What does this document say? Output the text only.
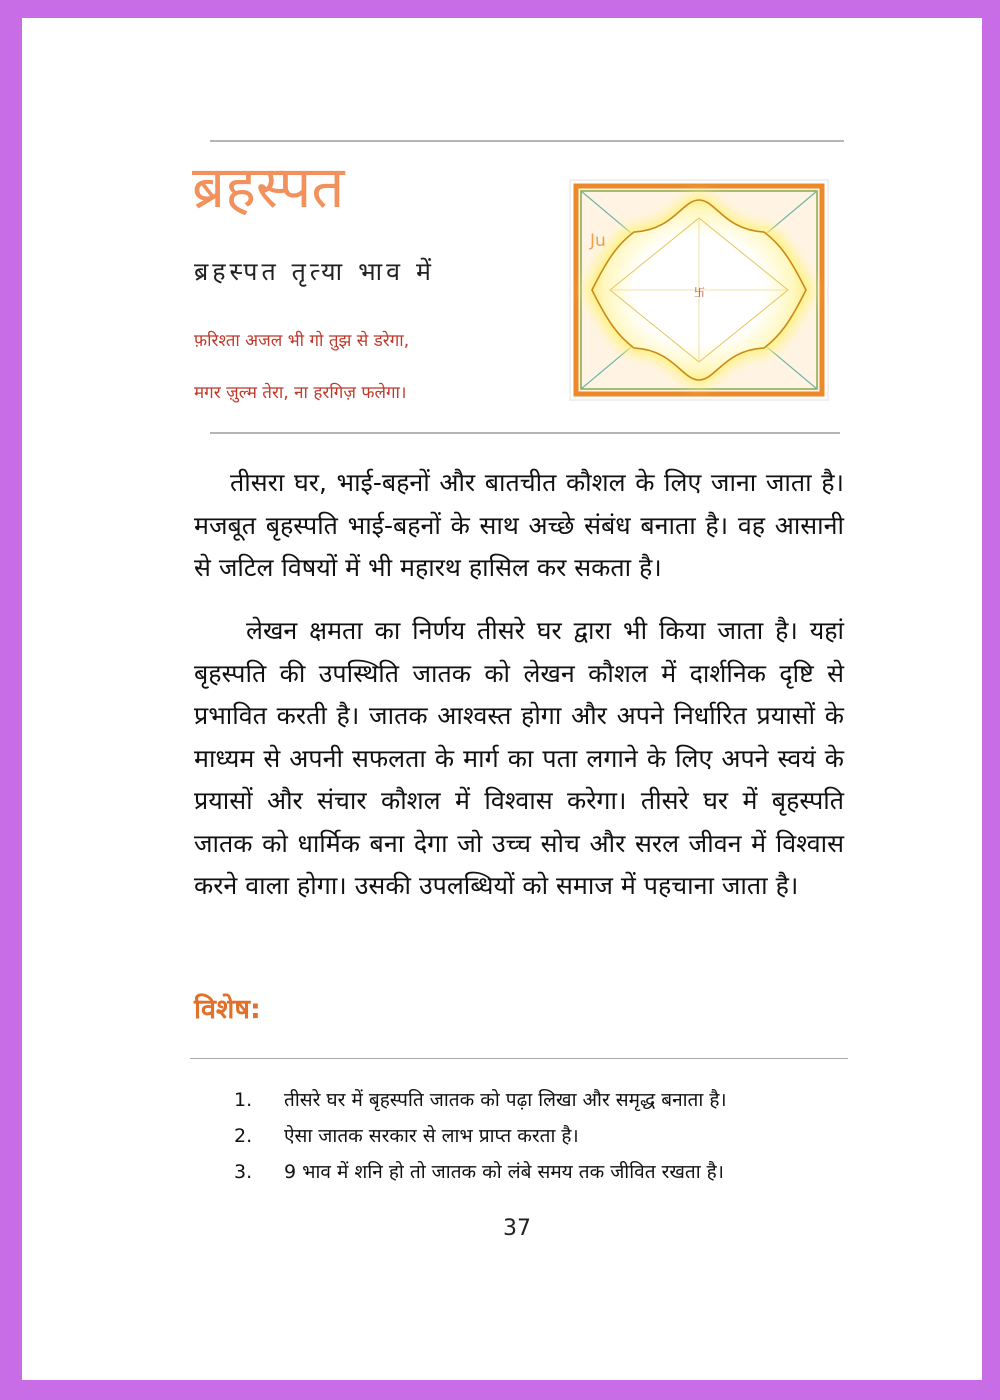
ब्रहस्पत

ब्रहस्पत तृत्या भाव में

फ़रिश्ता अजल भी गो तुझ से डरेगा,

मगर ज़ुल्म तेरा, ना हरगिज़ फलेगा।

Ju
卐

तीसरा घर, भाई-बहनों और बातचीत कौशल के लिए जाना जाता है। मजबूत बृहस्पति भाई-बहनों के साथ अच्छे संबंध बनाता है। वह आसानी से जटिल विषयों में भी महारथ हासिल कर सकता है।

लेखन क्षमता का निर्णय तीसरे घर द्वारा भी किया जाता है। यहां बृहस्पति की उपस्थिति जातक को लेखन कौशल में दार्शनिक दृष्टि से प्रभावित करती है। जातक आश्वस्त होगा और अपने निर्धारित प्रयासों के माध्यम से अपनी सफलता के मार्ग का पता लगाने के लिए अपने स्वयं के प्रयासों और संचार कौशल में विश्वास करेगा। तीसरे घर में बृहस्पति जातक को धार्मिक बना देगा जो उच्च सोच और सरल जीवन में विश्वास करने वाला होगा। उसकी उपलब्धियों को समाज में पहचाना जाता है।

विशेष:
1.	तीसरे घर में बृहस्पति जातक को पढ़ा लिखा और समृद्ध बनाता है।
2.	ऐसा जातक सरकार से लाभ प्राप्त करता है।
3.	9 भाव में शनि हो तो जातक को लंबे समय तक जीवित रखता है।
37
